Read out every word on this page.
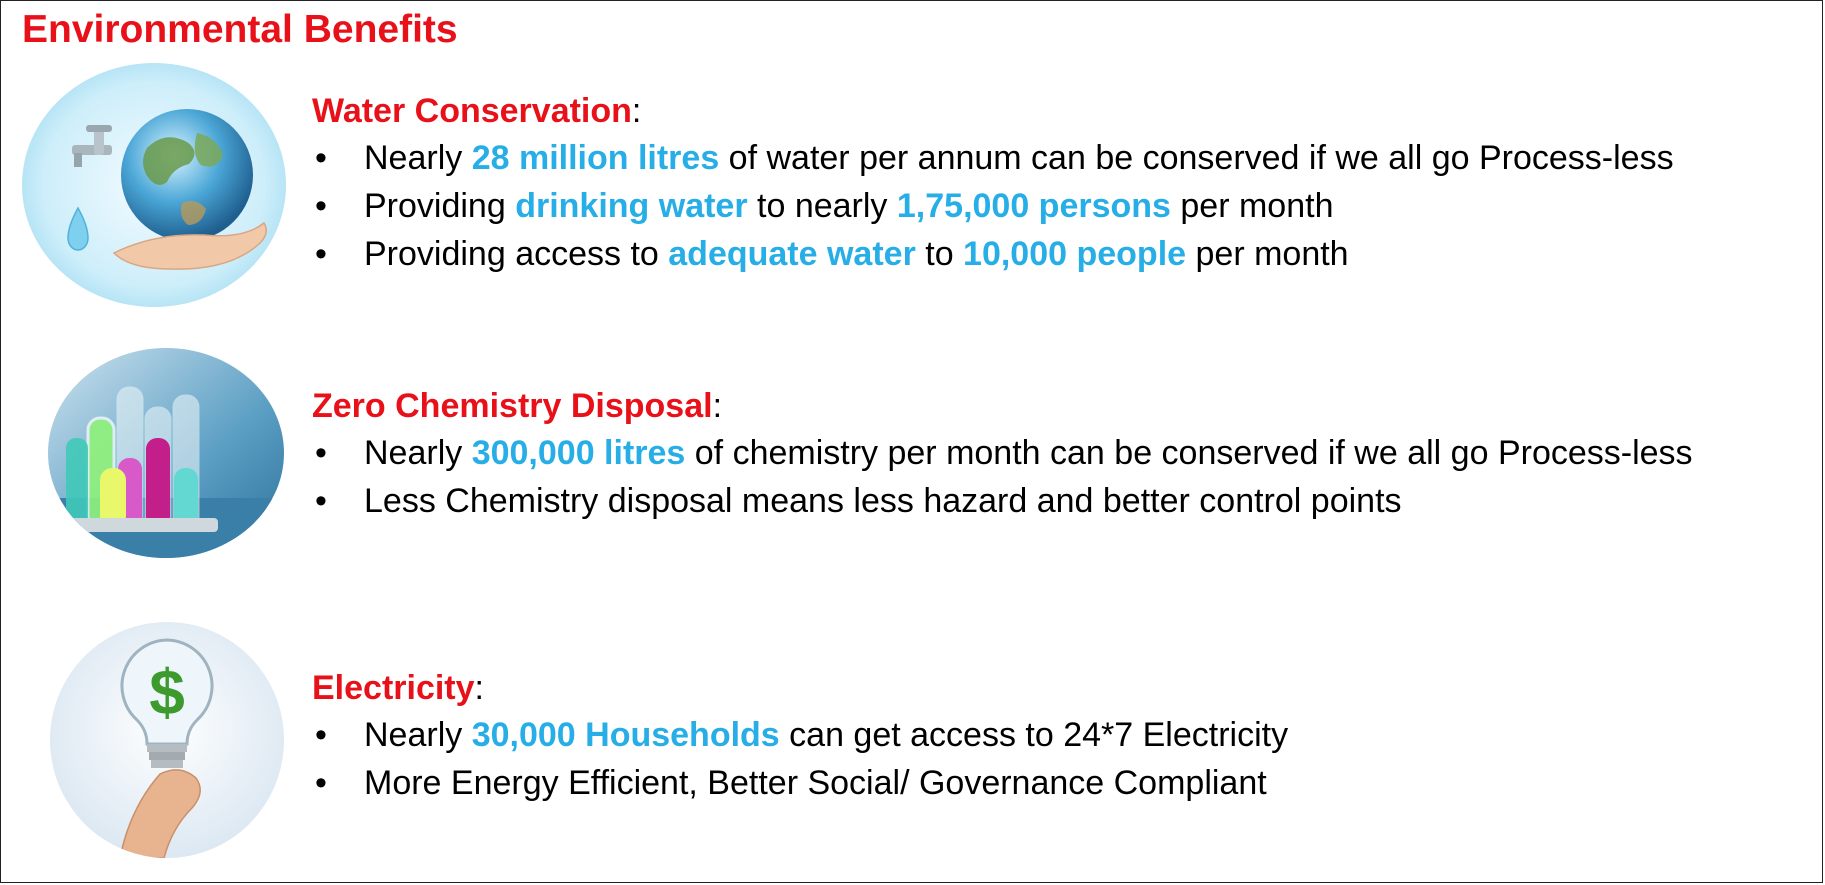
Environmental Benefits
Water Conservation:
• Nearly 28 million litres of water per annum can be conserved if we all go Process-less
• Providing drinking water to nearly 1,75,000 persons per month
• Providing access to adequate water to 10,000 people per month
Zero Chemistry Disposal:
• Nearly 300,000 litres of chemistry per month can be conserved if we all go Process-less
• Less Chemistry disposal means less hazard and better control points
$	Electricity:
• Nearly 30,000 Households can get access to 24*7 Electricity
• More Energy Efficient, Better Social/ Governance Compliant
